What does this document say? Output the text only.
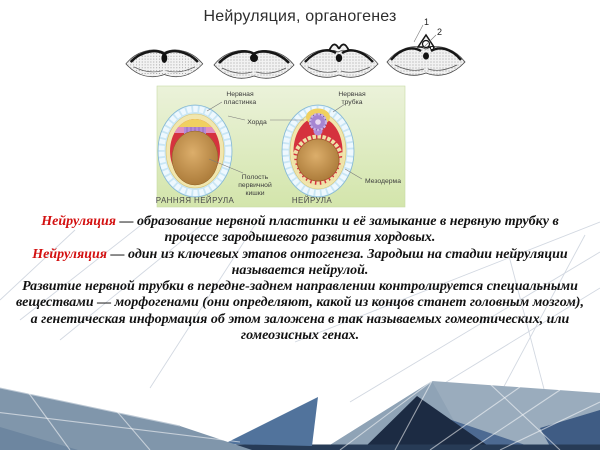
Нейруляция, органогенез	1
2
Нервная
пластинка
Хорда
Нервная
трубка
Полость
первичной
кишки
Мезодерма
РАННЯЯ НЕЙРУЛА	НЕЙРУЛА

Нейруляция — образование нервной пластинки и её замыкание в нервную трубку в процессе зародышевого развития хордовых.

Нейруляция — один из ключевых этапов онтогенеза. Зародыш на стадии нейруляции называется нейрулой.

Развитие нервной трубки в передне-заднем направлении контролируется специальными веществами — морфогенами (они определяют, какой из концов станет головным мозгом), а генетическая информация об этом заложена в так называемых гомеотических, или гомеозисных генах.
